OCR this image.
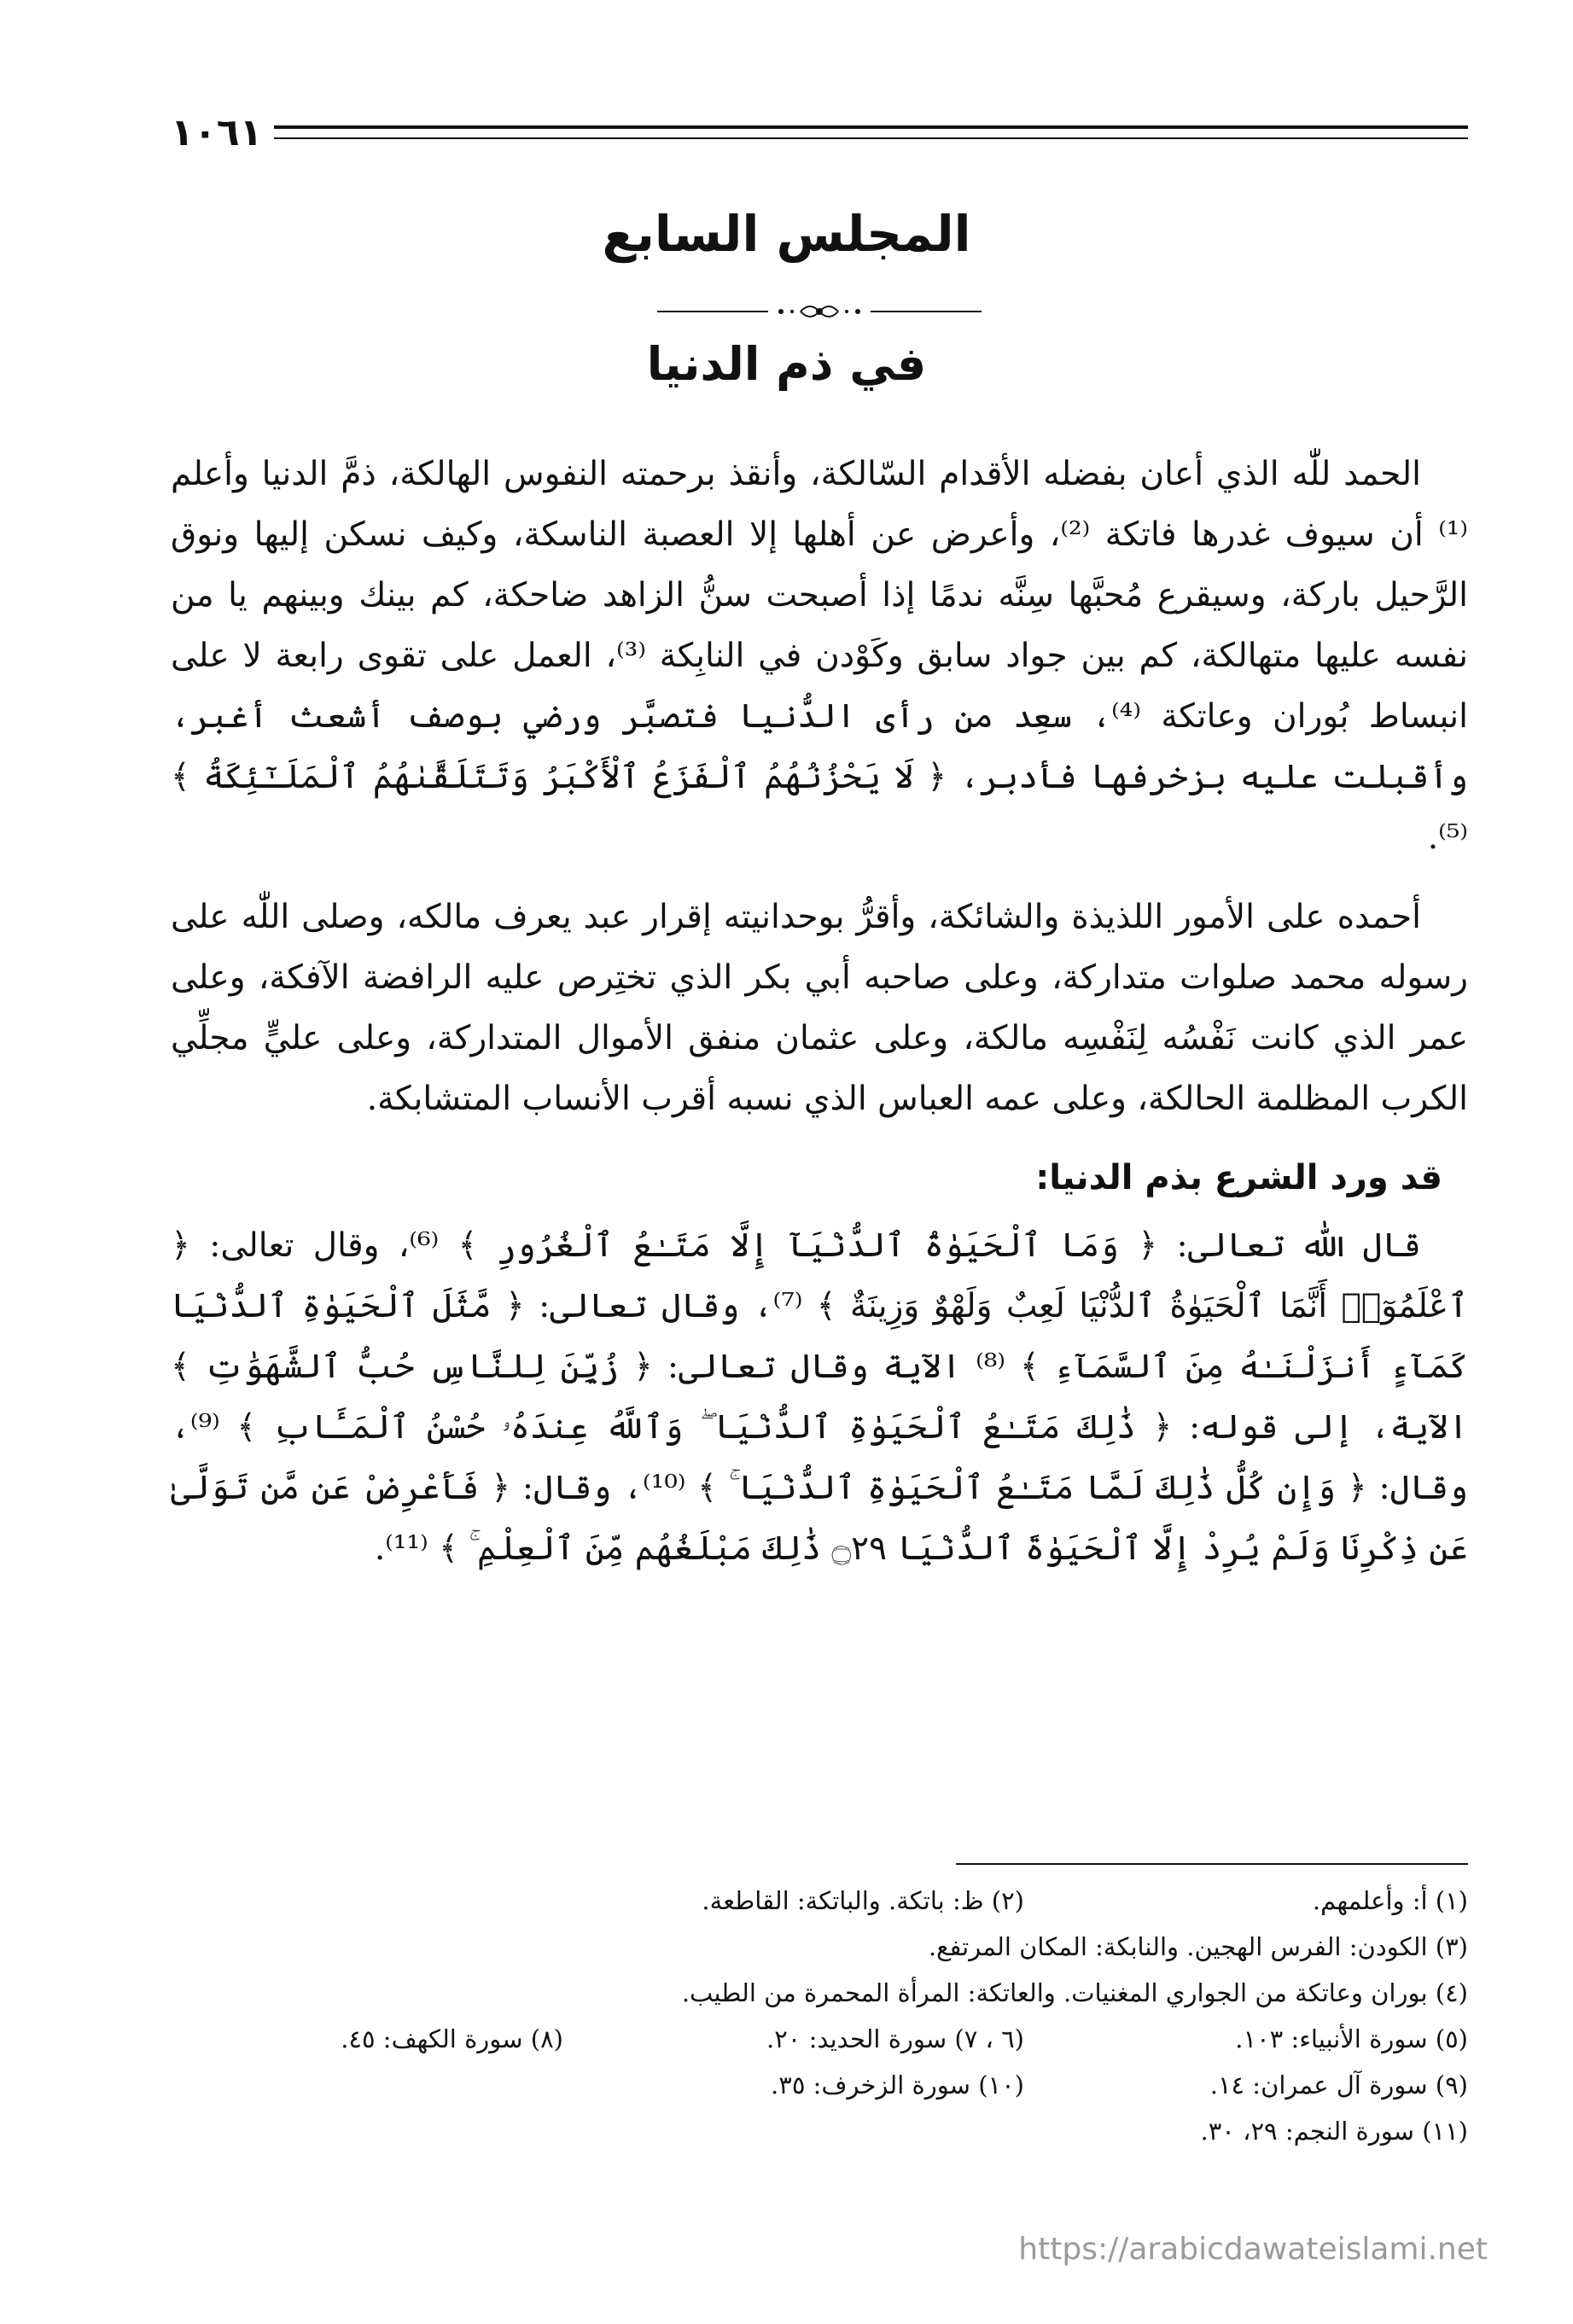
١٠٦١
المجلس السابع
في ذم الدنيا

الحمد للّٰه الذي أعان بفضله الأقدام السّالكة، وأنقذ برحمته النفوس الهالكة، ذمَّ الدنيا وأعلم ⁽¹⁾ أن سيوف غدرها فاتكة ⁽²⁾، وأعرض عن أهلها إلا العصبة الناسكة، وكيف نسكن إليها ونوق الرَّحيل باركة، وسيقرع مُحبَّها سِنَّه ندمًا إذا أصبحت سنُّ الزاهد ضاحكة، كم بينك وبينهم يا من نفسه عليها متهالكة، كم بين جواد سابق وكَوْدن في النابِكة ⁽³⁾، العمل على تقوى رابعة لا على انبساط بُوران وعاتكة ⁽⁴⁾، سعِد من رأى الدُّنيا فتصبَّر ورضي بوصف أشعث أغبر، وأقبلت عليه بزخرفها فأدبر، ﴿ لَا يَحْزُنُهُمُ ٱلْفَزَعُ ٱلْأَكْبَرُ وَتَتَلَقَّىٰهُمُ ٱلْمَلَـٰٓئِكَةُ ﴾ ⁽⁵⁾.

أحمده على الأمور اللذيذة والشائكة، وأقرُّ بوحدانيته إقرار عبد يعرف مالكه، وصلى اللّٰه على رسوله محمد صلوات متداركة، وعلى صاحبه أبي بكر الذي تختِرص عليه الرافضة الآفكة، وعلى عمر الذي كانت نَفْسُه لِنَفْسِه مالكة، وعلى عثمان منفق الأموال المتداركة، وعلى عليٍّ مجلِّي الكرب المظلمة الحالكة، وعلى عمه العباس الذي نسبه أقرب الأنساب المتشابكة.

قد ورد الشرع بذم الدنيا:

قال اللّٰه تعالى: ﴿ وَمَا ٱلْحَيَوٰةُ ٱلدُّنْيَآ إِلَّا مَتَـٰعُ ٱلْغُرُورِ ﴾ ⁽⁶⁾، وقال تعالى: ﴿ ٱعْلَمُوٓا۟ أَنَّمَا ٱلْحَيَوٰةُ ٱلدُّنْيَا لَعِبٌ وَلَهْوٌ وَزِينَةٌ ﴾ ⁽⁷⁾، وقال تعالى: ﴿ مَّثَلَ ٱلْحَيَوٰةِ ٱلدُّنْيَا كَمَآءٍ أَنزَلْنَـٰهُ مِنَ ٱلسَّمَآءِ ﴾ ⁽⁸⁾ الآية وقال تعالى: ﴿ زُيِّنَ لِلنَّاسِ حُبُّ ٱلشَّهَوَٰتِ ﴾ الآية، إلى قوله: ﴿ ذَٰلِكَ مَتَـٰعُ ٱلْحَيَوٰةِ ٱلدُّنْيَا ۖ وَٱللَّهُ عِندَهُۥ حُسْنُ ٱلْمَـَٔابِ ﴾ ⁽⁹⁾، وقال: ﴿ وَإِن كُلُّ ذَٰلِكَ لَمَّا مَتَـٰعُ ٱلْحَيَوٰةِ ٱلدُّنْيَا ۚ ﴾ ⁽¹⁰⁾، وقال: ﴿ فَأَعْرِضْ عَن مَّن تَوَلَّىٰ عَن ذِكْرِنَا وَلَمْ يُرِدْ إِلَّا ٱلْحَيَوٰةَ ٱلدُّنْيَا ۝٢٩ ذَٰلِكَ مَبْلَغُهُم مِّنَ ٱلْعِلْمِ ۚ ﴾ ⁽¹¹⁾.

(١) أ: وأعلمهم.
(٢) ظ: باتكة. والباتكة: القاطعة.
(٣) الكودن: الفرس الهجين. والنابكة: المكان المرتفع.
(٤) بوران وعاتكة من الجواري المغنيات. والعاتكة: المرأة المحمرة من الطيب.
(٥) سورة الأنبياء: ١٠٣.
(٦ ، ٧) سورة الحديد: ٢٠.
(٨) سورة الكهف: ٤٥.
(٩) سورة آل عمران: ١٤.
(١٠) سورة الزخرف: ٣٥.
(١١) سورة النجم: ٢٩، ٣٠.
https://arabicdawateislami.net
